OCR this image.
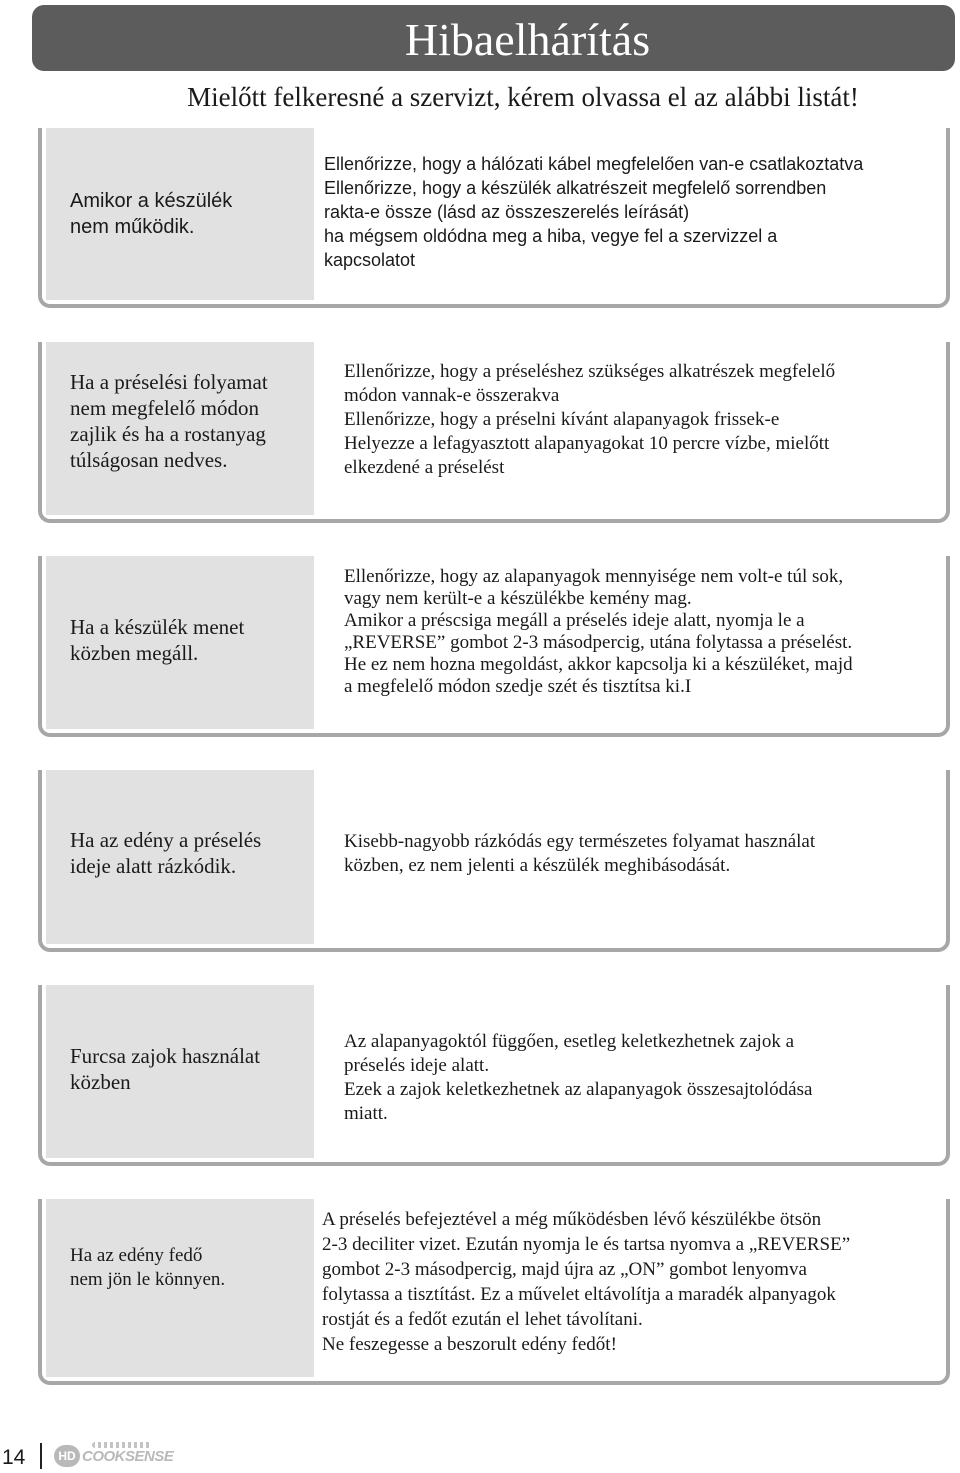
Hibaelhárítás
Mielőtt felkeresné a szervizt, kérem olvassa el az alábbi listát!
Amikor a készülék
nem működik.
Ellenőrizze, hogy a hálózati kábel megfelelően van-e csatlakoztatva
Ellenőrizze, hogy a készülék alkatrészeit megfelelő sorrendben
rakta-e össze (lásd az összeszerelés leírását)
ha mégsem oldódna meg a hiba, vegye fel a szervizzel a
kapcsolatot
Ha a préselési folyamat
nem megfelelő módon
zajlik és ha a rostanyag
túlságosan nedves.
Ellenőrizze, hogy a préseléshez szükséges alkatrészek megfelelő
módon vannak-e összerakva
Ellenőrizze, hogy a préselni kívánt alapanyagok frissek-e
Helyezze a lefagyasztott alapanyagokat 10 percre vízbe, mielőtt
elkezdené a préselést
Ha a készülék menet
közben megáll.
Ellenőrizze, hogy az alapanyagok mennyisége nem volt-e túl sok,
vagy nem került-e a készülékbe kemény mag.
Amikor a préscsiga megáll a préselés ideje alatt, nyomja le a
„REVERSE” gombot 2-3 másodpercig, utána folytassa a préselést.
He ez nem hozna megoldást, akkor kapcsolja ki a készüléket, majd
a megfelelő módon szedje szét és tisztítsa ki.I
Ha az edény a préselés
ideje alatt rázkódik.
Kisebb-nagyobb rázkódás egy természetes folyamat használat
közben, ez nem jelenti a készülék meghibásodását.
Furcsa zajok használat
közben
Az alapanyagoktól függően, esetleg keletkezhetnek zajok a
préselés ideje alatt.
Ezek a zajok keletkezhetnek az alapanyagok összesajtolódása
miatt.
Ha az edény fedő
nem jön le könnyen.
A préselés befejeztével a még működésben lévő készülékbe ötsön
2-3 deciliter vizet. Ezután nyomja le és tartsa nyomva a „REVERSE”
gombot 2-3 másodpercig, majd újra az „ON” gombot lenyomva
folytassa a tisztítást. Ez a művelet eltávolítja a maradék alpanyagok
rostját és a fedőt ezután el lehet távolítani.
Ne feszegesse a beszorult edény fedőt!
14	HD COOKSENSE
